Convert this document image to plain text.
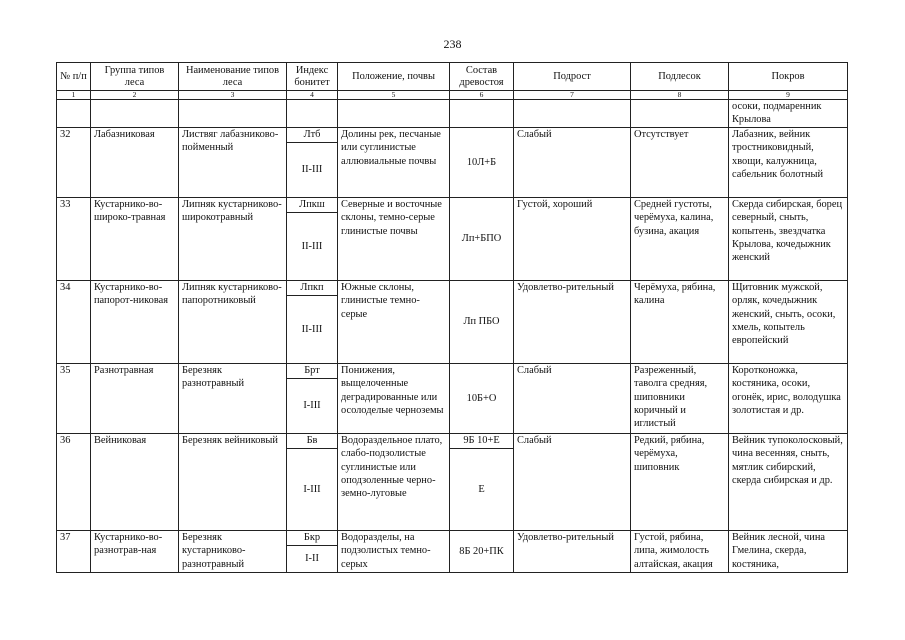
238
№ п/п	Группа типов леса	Наименование типов леса	Индекс бонитет	Положение, почвы	Состав древостоя	Подрост	Подлесок	Покров
1	2	3	4	5	6	7	8	9
								осоки, подмаренник Крылова
32	Лабазниковая	Листвяг лабазниково-пойменный	Лтб	Долины рек, песчаные или суглинистые аллювиальные почвы	10Л+Б	Слабый	Отсутствует	Лабазник, вейник тростниковидный, хвощи, калужница, сабельник болотный
			II-III					
33	Кустарнико-во-широко-травная	Липняк кустарниково-широкотравный	Лпкш	Северные и восточные склоны, темно-серые глинистые почвы	Лп+БПО	Густой, хороший	Средней густоты, черёмуха, калина, бузина, акация	Скерда сибирская, борец северный, сныть, копытень, звездчатка Крылова, кочедыжник женский
			II-III					
34	Кустарнико-во-папорот-никовая	Липняк кустарниково-папоротниковый	Лпкп	Южные склоны, глинистые темно-серые	Лп ПБО	Удовлетво-рительный	Черёмуха, рябина, калина	Щитовник мужской, орляк, кочедыжник женский, сныть, осоки, хмель, копытель европейский
			II-III					
35	Разнотравная	Березняк разнотравный	Брт	Понижения, выщелоченные деградированные или осолоделые черноземы	10Б+О	Слабый	Разреженный, таволга средняя, шиповники коричный и иглистый	Коротконожка, костяника, осоки, огонёк, ирис, володушка золотистая и др.
			I-III					
36	Вейниковая	Березняк вейниковый	Бв	Водораздельное плато, слабо-подзолистые суглинистые или оподзоленные черно-земно-луговые	9Б 10+Е	Слабый	Редкий, рябина, черёмуха, шиповник	Вейник тупоколосковый, чина весенняя, сныть, мятлик сибирский, скерда сибирская и др.
			I-III		Е			
37	Кустарнико-во-разнотрав-ная	Березняк кустарниково-разнотравный	Бкр	Водоразделы, на подзолистых темно-серых	8Б 20+ПК	Удовлетво-рительный	Густой, рябина, липа, жимолость алтайская, акация	Вейник лесной, чина Гмелина, скерда, костяника,
			I-II					
